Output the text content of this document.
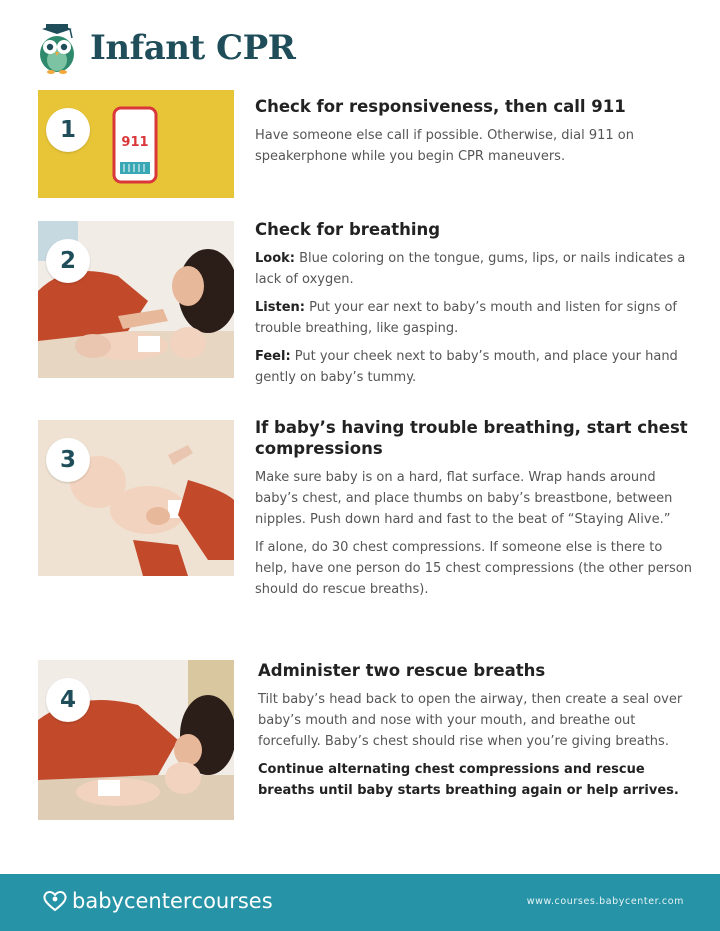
Infant CPR
1	911
Check for responsiveness, then call 911

Have someone else call if possible. Otherwise, dial 911 on speakerphone while you begin CPR maneuvers.

2
Check for breathing

Look: Blue coloring on the tongue, gums, lips, or nails indicates a lack of oxygen.

Listen: Put your ear next to baby’s mouth and listen for signs of trouble breathing, like gasping.

Feel: Put your cheek next to baby’s mouth, and place your hand gently on baby’s tummy.

3
If baby’s having trouble breathing, start chest compressions

Make sure baby is on a hard, flat surface. Wrap hands around baby’s chest, and place thumbs on baby’s breastbone, between nipples. Push down hard and fast to the beat of “Staying Alive.”

If alone, do 30 chest compressions. If someone else is there to help, have one person do 15 chest compressions (the other person should do rescue breaths).

4
Administer two rescue breaths

Tilt baby’s head back to open the airway, then create a seal over baby’s mouth and nose with your mouth, and breathe out forcefully. Baby’s chest should rise when you’re giving breaths.

Continue alternating chest compressions and rescue breaths until baby starts breathing again or help arrives.

babycenter courses	www.courses.babycenter.com
